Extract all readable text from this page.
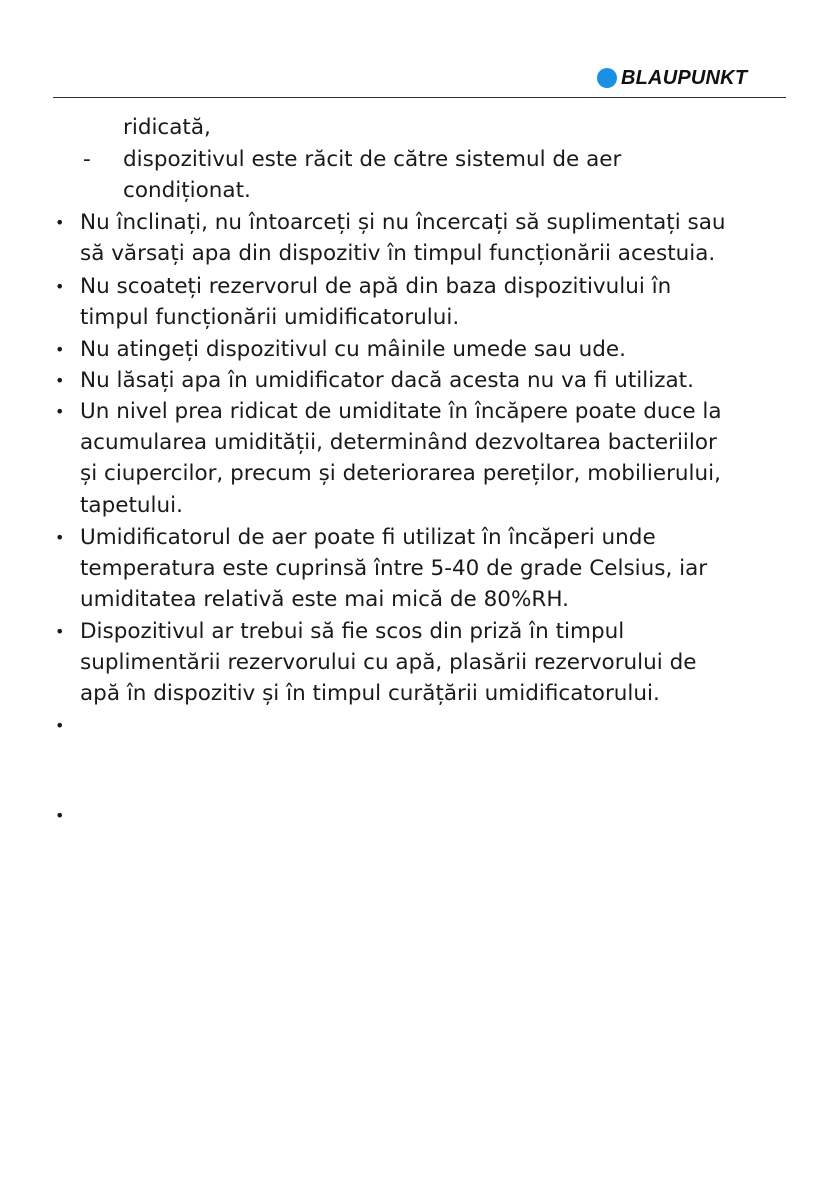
BLAUPUNKT
ridicată,
- dispozitivul este răcit de către sistemul de aer
condiționat.
• Nu înclinați, nu întoarceți și nu încercați să suplimentați sau
să vărsați apa din dispozitiv în timpul funcționării acestuia.
• Nu scoateți rezervorul de apă din baza dispozitivului în
timpul funcționării umidificatorului.
• Nu atingeți dispozitivul cu mâinile umede sau ude.
• Nu lăsați apa în umidificator dacă acesta nu va fi utilizat.
• Un nivel prea ridicat de umiditate în încăpere poate duce la
acumularea umidității, determinând dezvoltarea bacteriilor
și ciupercilor, precum și deteriorarea pereților, mobilierului,
tapetului.
• Umidificatorul de aer poate fi utilizat în încăperi unde
temperatura este cuprinsă între 5-40 de grade Celsius, iar
umiditatea relativă este mai mică de 80%RH.
• Dispozitivul ar trebui să fie scos din priză în timpul
suplimentării rezervorului cu apă, plasării rezervorului de
apă în dispozitiv și în timpul curățării umidificatorului.
•
•
